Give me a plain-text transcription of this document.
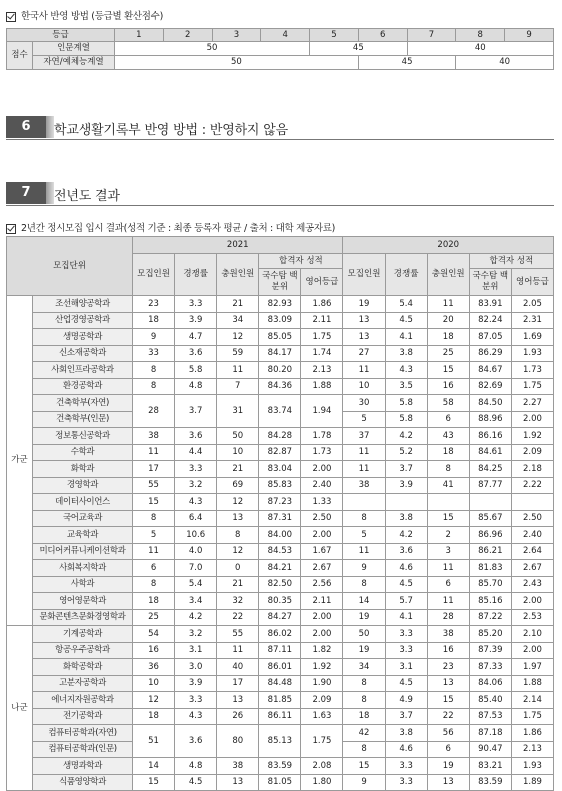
한국사 반영 방법 (등급별 환산점수)
등급		1	2	3	4	5	6	7	8	9
점수	인문계열	50				45		40		
	자연/예체능계열	50					45		40	
6	학교생활기록부 반영 방법 : 반영하지 않음
7	전년도 결과
2년간 정시모집 입시 결과(성적 기준 : 최종 등록자 평균 / 출처 : 대학 제공자료)
모집단위		2021					2020				
		모집인원	경쟁률	충원인원	합격자 성적		모집인원	경쟁률	충원인원	합격자 성적	
					국수탐 백분위	영어등급				국수탐 백분위	영어등급
가군	조선해양공학과	23	3.3	21	82.93	1.86	19	5.4	11	83.91	2.05
	산업경영공학과	18	3.9	34	83.09	2.11	13	4.5	20	82.24	2.31
	생명공학과	9	4.7	12	85.05	1.75	13	4.1	18	87.05	1.69
	신소재공학과	33	3.6	59	84.17	1.74	27	3.8	25	86.29	1.93
	사회인프라공학과	8	5.8	11	80.20	2.13	11	4.3	15	84.67	1.73
	환경공학과	8	4.8	7	84.36	1.88	10	3.5	16	82.69	1.75
	건축학부(자연)	28	3.7	31	83.74	1.94	30	5.8	58	84.50	2.27
	건축학부(인문)						5	5.8	6	88.96	2.00
	정보통신공학과	38	3.6	50	84.28	1.78	37	4.2	43	86.16	1.92
	수학과	11	4.4	10	82.87	1.73	11	5.2	18	84.61	2.09
	화학과	17	3.3	21	83.04	2.00	11	3.7	8	84.25	2.18
	경영학과	55	3.2	69	85.83	2.40	38	3.9	41	87.77	2.22
	데이터사이언스	15	4.3	12	87.23	1.33					
	국어교육과	8	6.4	13	87.31	2.50	8	3.8	15	85.67	2.50
	교육학과	5	10.6	8	84.00	2.00	5	4.2	2	86.96	2.40
	미디어커뮤니케이션학과	11	4.0	12	84.53	1.67	11	3.6	3	86.21	2.64
	사회복지학과	6	7.0	0	84.21	2.67	9	4.6	11	81.83	2.67
	사학과	8	5.4	21	82.50	2.56	8	4.5	6	85.70	2.43
	영어영문학과	18	3.4	32	80.35	2.11	14	5.7	11	85.16	2.00
	문화콘텐츠문화경영학과	25	4.2	22	84.27	2.00	19	4.1	28	87.22	2.53
나군	기계공학과	54	3.2	55	86.02	2.00	50	3.3	38	85.20	2.10
	항공우주공학과	16	3.1	11	87.11	1.82	19	3.3	16	87.39	2.00
	화학공학과	36	3.0	40	86.01	1.92	34	3.1	23	87.33	1.97
	고분자공학과	10	3.9	17	84.48	1.90	8	4.5	13	84.06	1.88
	에너지자원공학과	12	3.3	13	81.85	2.09	8	4.9	15	85.40	2.14
	전기공학과	18	4.3	26	86.11	1.63	18	3.7	22	87.53	1.75
	컴퓨터공학과(자연)	51	3.6	80	85.13	1.75	42	3.8	56	87.18	1.86
	컴퓨터공학과(인문)						8	4.6	6	90.47	2.13
	생명과학과	14	4.8	38	83.59	2.08	15	3.3	19	83.21	1.93
	식품영양학과	15	4.5	13	81.05	1.80	9	3.3	13	83.59	1.89
